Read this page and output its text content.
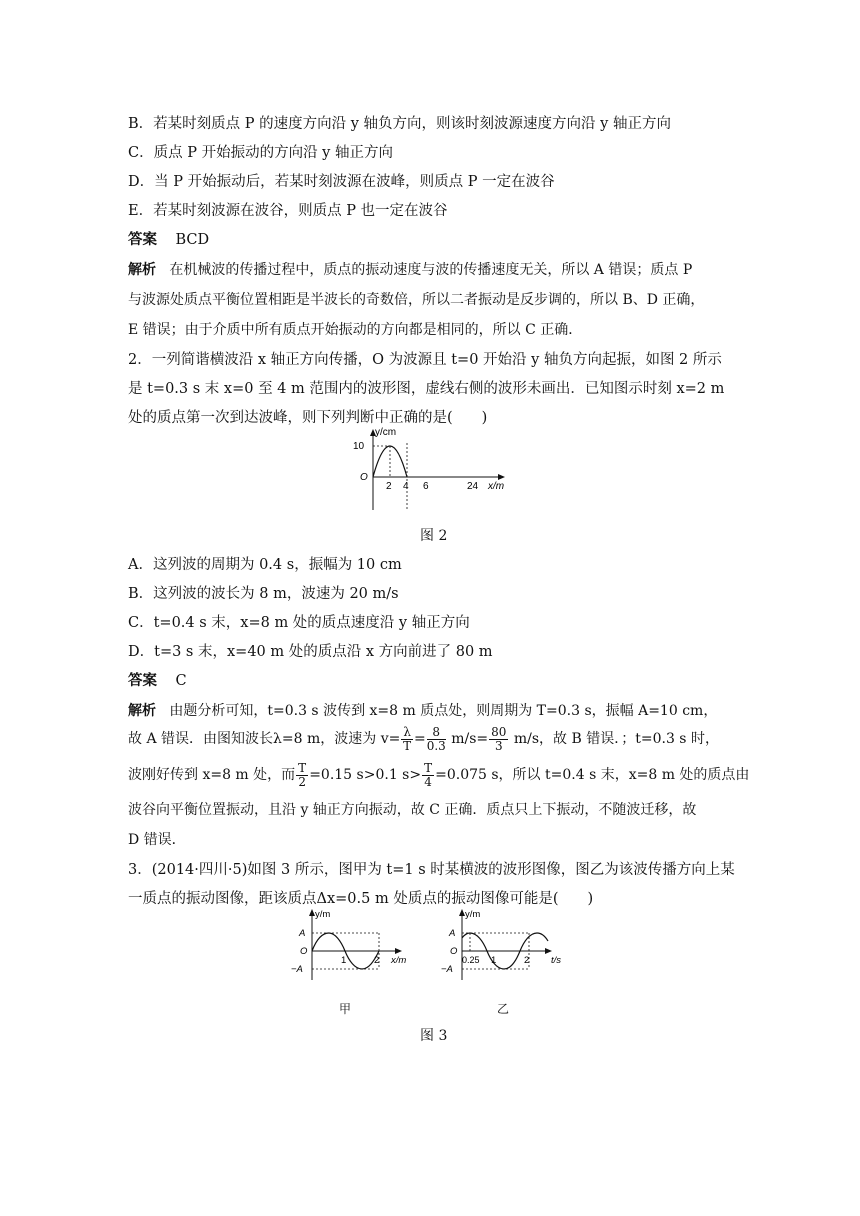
B．若某时刻质点 P 的速度方向沿 y 轴负方向，则该时刻波源速度方向沿 y 轴正方向
C．质点 P 开始振动的方向沿 y 轴正方向
D．当 P 开始振动后，若某时刻波源在波峰，则质点 P 一定在波谷
E．若某时刻波源在波谷，则质点 P 也一定在波谷
答案 BCD
解析 在机械波的传播过程中，质点的振动速度与波的传播速度无关，所以 A 错误；质点 P
与波源处质点平衡位置相距是半波长的奇数倍，所以二者振动是反步调的，所以 B、D 正确，
E 错误；由于介质中所有质点开始振动的方向都是相同的，所以 C 正确．
2．一列简谐横波沿 x 轴正方向传播，O 为波源且 t=0 开始沿 y 轴负方向起振，如图 2 所示
是 t=0.3 s 末 x=0 至 4 m 范围内的波形图，虚线右侧的波形未画出．已知图示时刻 x=2 m
处的质点第一次到达波峰，则下列判断中正确的是(　　)
y/cm
10
O
2 4 6	24 x/m
图 2
A．这列波的周期为 0.4 s，振幅为 10 cm
B．这列波的波长为 8 m，波速为 20 m/s
C．t=0.4 s 末，x=8 m 处的质点速度沿 y 轴正方向
D．t=3 s 末，x=40 m 处的质点沿 x 方向前进了 80 m
答案 C
解析 由题分析可知，t=0.3 s 波传到 x=8 m 质点处，则周期为 T=0.3 s，振幅 A=10 cm，
故 A 错误．由图知波长λ=8 m，波速为 $v= \frac{\lambda}{T} = \frac{8}{0.3} m/s= \frac{80}{3} m/s$，故 B 错误．；t=0.3 s 时，
波刚好传到 x=8 m 处，而 $\frac{T}{2} =0.15$ s>0.1 $s> \frac{T}{4} =0.075$ s，所以 t=0.4 s 末，x=8 m 处的质点由
波谷向平衡位置振动，且沿 y 轴正方向振动，故 C 正确．质点只上下振动，不随波迁移，故
D 错误．
3．(2014·四川·5)如图 3 所示，图甲为 t=1 s 时某横波的波形图像，图乙为该波传播方向上某
一质点的振动图像，距该质点Δx=0.5 m 处质点的振动图像可能是(　　)
y/m
A
O
−A
1	2 x/m
甲
y/m
A
O
−A
0.25 1	2 t/s
乙
图 3
